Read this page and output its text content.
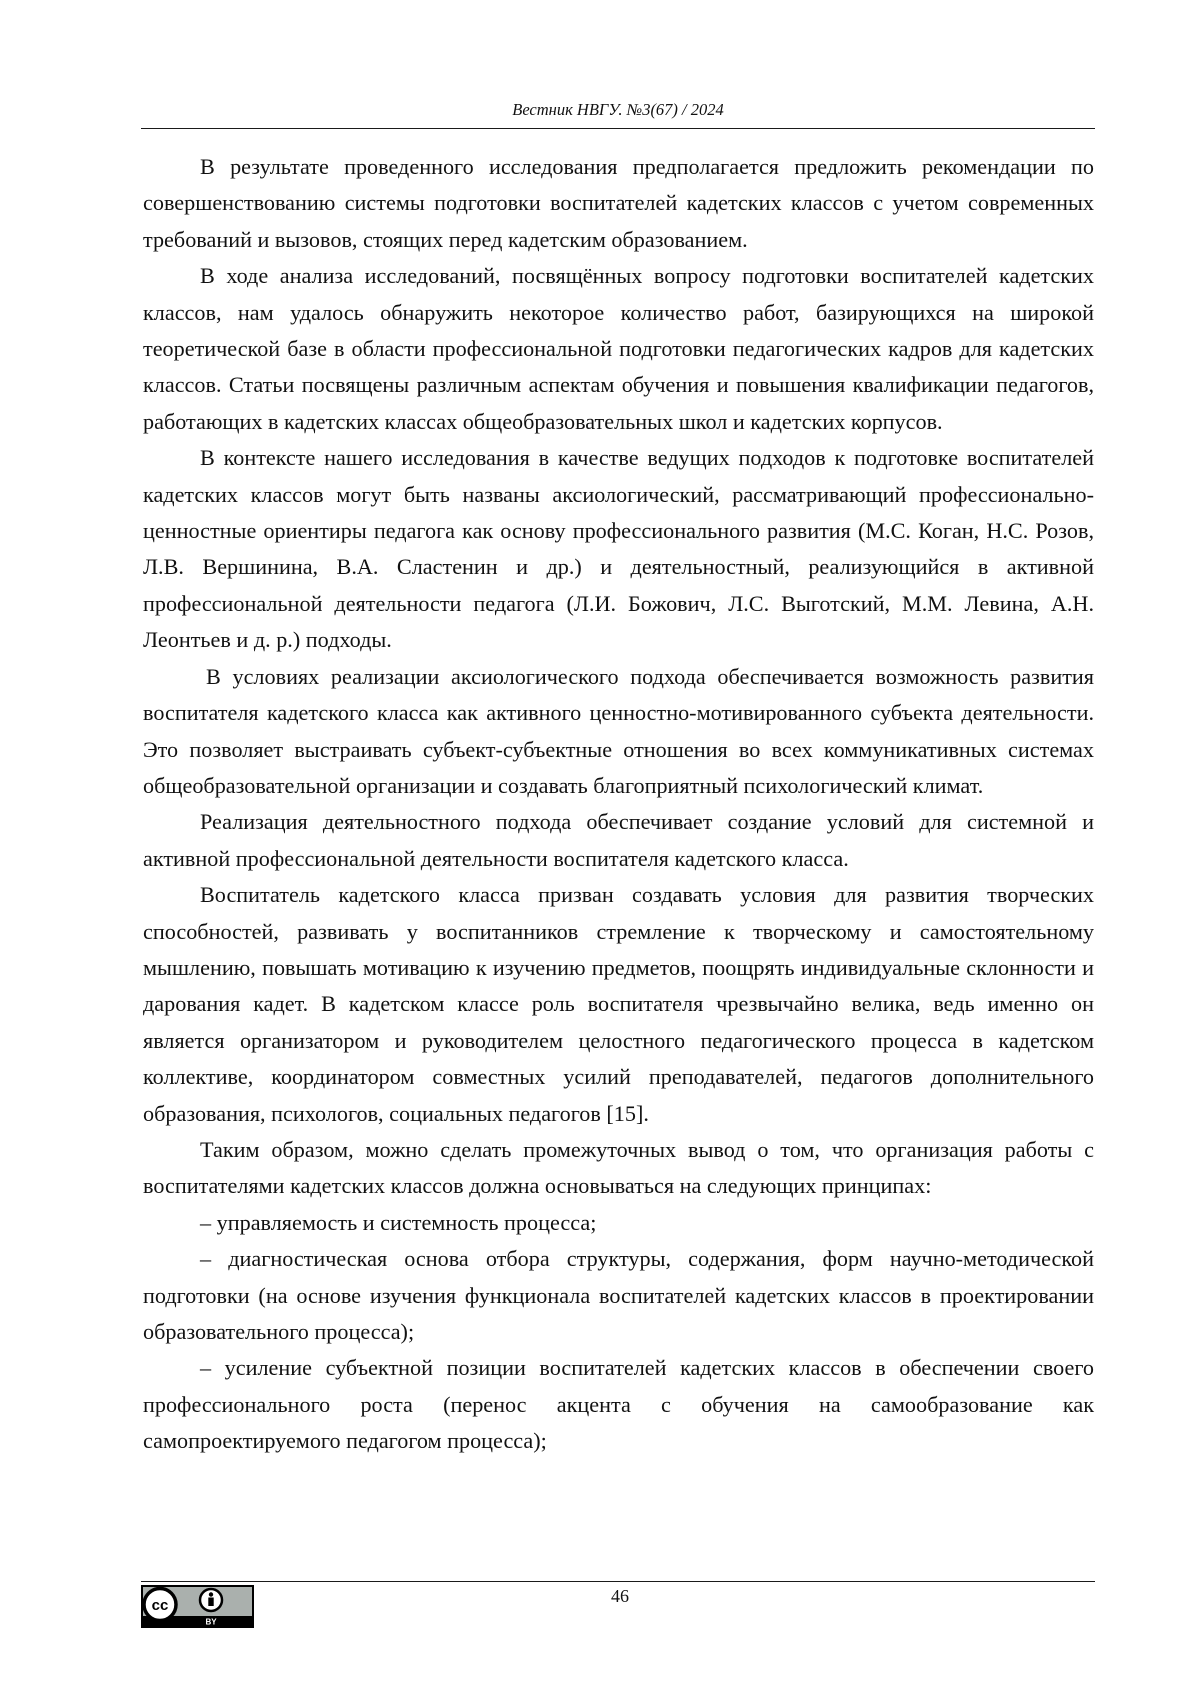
Вестник НВГУ. №3(67) / 2024

В результате проведенного исследования предполагается предложить рекомендации по совершенствованию системы подготовки воспитателей кадетских классов с учетом современных требований и вызовов, стоящих перед кадетским образованием.

В ходе анализа исследований, посвящённых вопросу подготовки воспитателей кадетских классов, нам удалось обнаружить некоторое количество работ, базирующихся на широкой теоретической базе в области профессиональной подготовки педагогических кадров для кадетских классов. Статьи посвящены различным аспектам обучения и повышения квалификации педагогов, работающих в кадетских классах общеобразовательных школ и кадетских корпусов.

В контексте нашего исследования в качестве ведущих подходов к подготовке воспитателей кадетских классов могут быть названы аксиологический, рассматривающий профессионально-ценностные ориентиры педагога как основу профессионального развития (М.С. Коган, Н.С. Розов, Л.В. Вершинина, В.А. Сластенин и др.) и деятельностный, реализующийся в активной профессиональной деятельности педагога (Л.И. Божович, Л.С. Выготский, М.М. Левина, А.Н. Леонтьев и д. р.) подходы.

В условиях реализации аксиологического подхода обеспечивается возможность развития воспитателя кадетского класса как активного ценностно-мотивированного субъекта деятельности. Это позволяет выстраивать субъект-субъектные отношения во всех коммуникативных системах общеобразовательной организации и создавать благоприятный психологический климат.

Реализация деятельностного подхода обеспечивает создание условий для системной и активной профессиональной деятельности воспитателя кадетского класса.

Воспитатель кадетского класса призван создавать условия для развития творческих способностей, развивать у воспитанников стремление к творческому и самостоятельному мышлению, повышать мотивацию к изучению предметов, поощрять индивидуальные склонности и дарования кадет. В кадетском классе роль воспитателя чрезвычайно велика, ведь именно он является организатором и руководителем целостного педагогического процесса в кадетском коллективе, координатором совместных усилий преподавателей, педагогов дополнительного образования, психологов, социальных педагогов [15].

Таким образом, можно сделать промежуточных вывод о том, что организация работы с воспитателями кадетских классов должна основываться на следующих принципах:

– управляемость и системность процесса;

– диагностическая основа отбора структуры, содержания, форм научно-методической подготовки (на основе изучения функционала воспитателей кадетских классов в проектировании образовательного процесса);

– усиление субъектной позиции воспитателей кадетских классов в обеспечении своего профессионального роста (перенос акцента с обучения на самообразование как самопроектируемого педагогом процесса);

cc
BY
46
